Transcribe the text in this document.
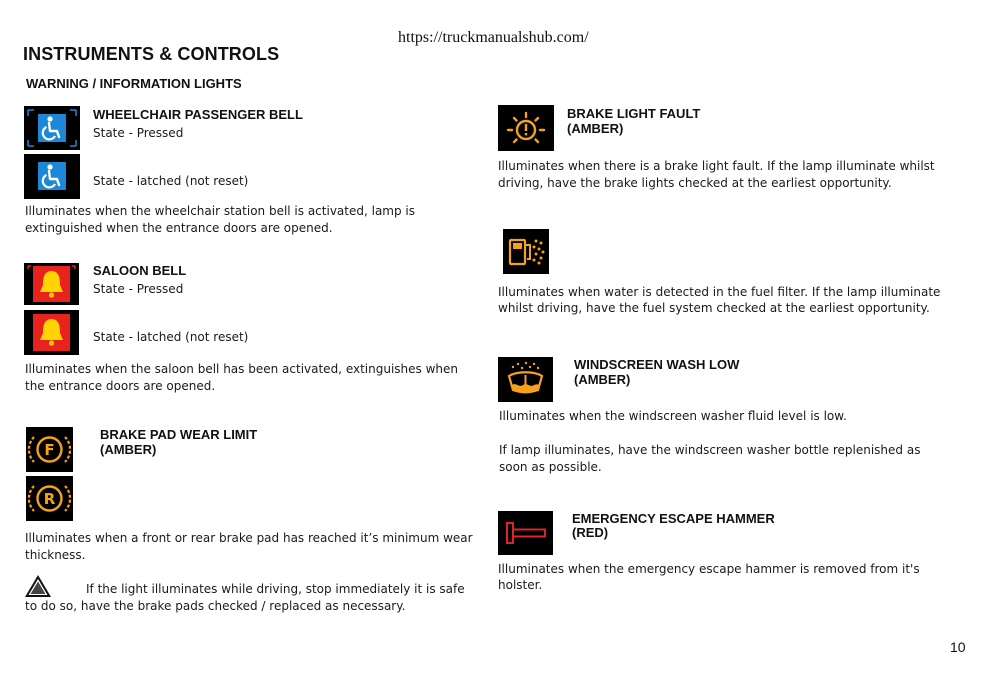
https://truckmanualshub.com/
INSTRUMENTS & CONTROLS
WARNING / INFORMATION LIGHTS
WHEELCHAIR PASSENGER BELL
State - Pressed
State - latched (not reset)
Illuminates when the wheelchair station bell is activated, lamp is
extinguished when the entrance doors are opened.
SALOON BELL
State - Pressed
State - latched (not reset)
Illuminates when the saloon bell has been activated, extinguishes when
the entrance doors are opened.
F
BRAKE PAD WEAR LIMIT
(AMBER)
R
Illuminates when a front or rear brake pad has reached it’s minimum wear
thickness.
If the light illuminates while driving, stop immediately it is safe
to do so, have the brake pads checked / replaced as necessary.
BRAKE LIGHT FAULT
(AMBER)
Illuminates when there is a brake light fault. If the lamp illuminate whilst
driving, have the brake lights checked at the earliest opportunity.
Illuminates when water is detected in the fuel filter. If the lamp illuminate
whilst driving, have the fuel system checked at the earliest opportunity.
WINDSCREEN WASH LOW
(AMBER)
Illuminates when the windscreen washer fluid level is low.
If lamp illuminates, have the windscreen washer bottle replenished as
soon as possible.
EMERGENCY ESCAPE HAMMER
(RED)
Illuminates when the emergency escape hammer is removed from it's
holster.
10
